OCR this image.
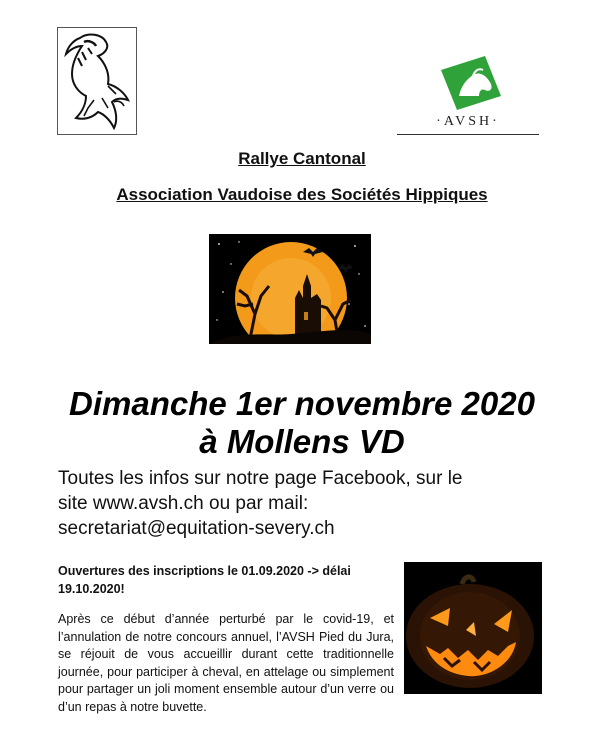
·AVSH·
Rallye Cantonal
Association Vaudoise des Sociétés Hippiques
Dimanche 1er novembre 2020
à Mollens VD
Toutes les infos sur notre page Facebook, sur le
site www.avsh.ch ou par mail:
secretariat@equitation-severy.ch
Ouvertures des inscriptions le 01.09.2020 -> délai
19.10.2020!
Après ce début d’année perturbé par le covid-19, et l’annulation de notre concours annuel, l’AVSH Pied du Jura, se réjouit de vous accueillir durant cette traditionnelle journée, pour participer à cheval, en attelage ou simplement pour partager un joli moment ensemble autour d’un verre ou d’un repas à notre buvette.
